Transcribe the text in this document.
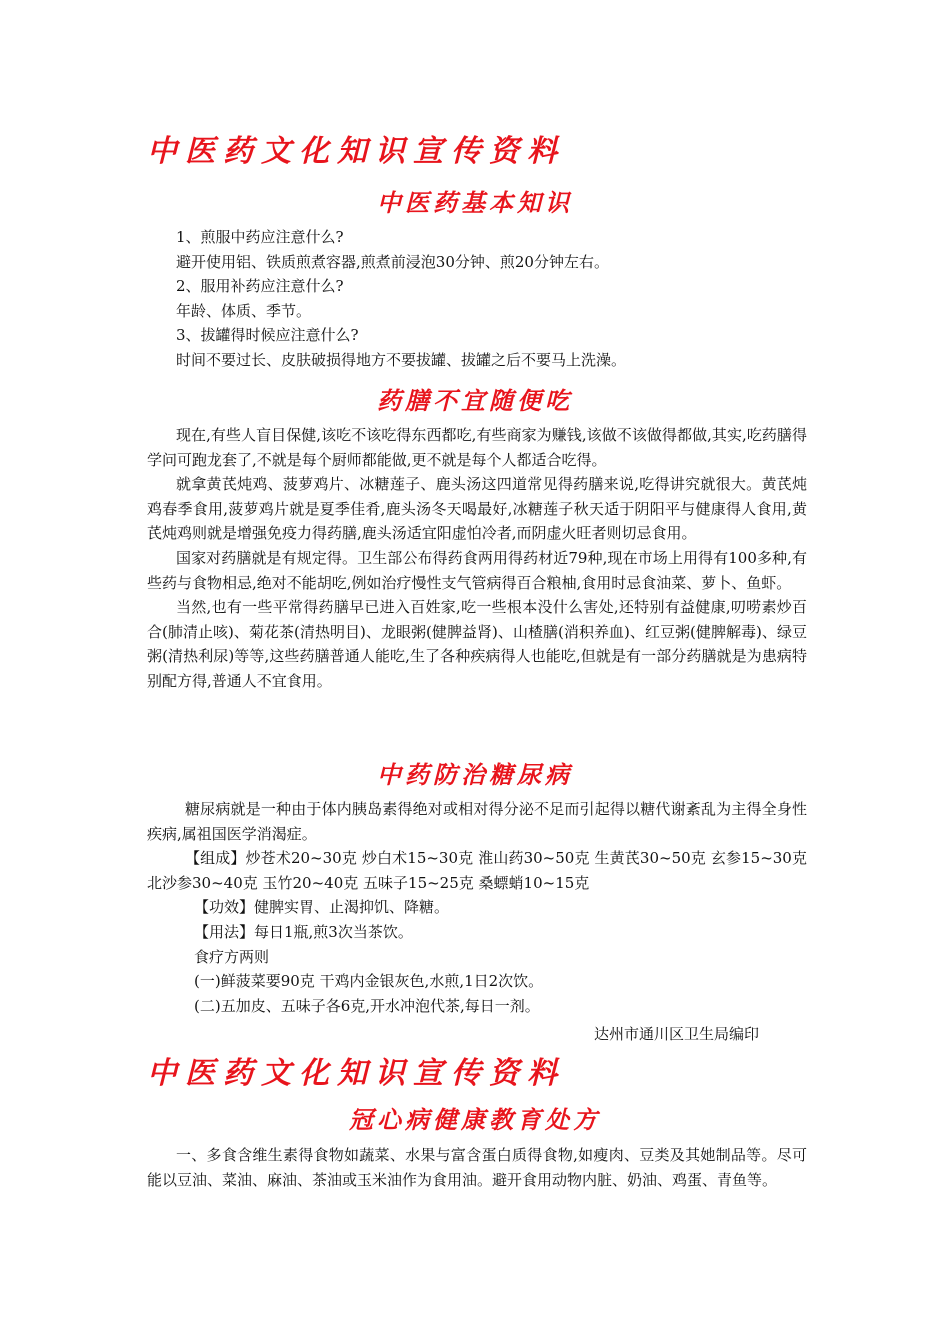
中医药文化知识宣传资料
中医药基本知识

1、煎服中药应注意什么?

避开使用铝、铁质煎煮容器,煎煮前浸泡30分钟、煎20分钟左右。

2、服用补药应注意什么?

年龄、体质、季节。

3、拔罐得时候应注意什么?

时间不要过长、皮肤破损得地方不要拔罐、拔罐之后不要马上洗澡。

药膳不宜随便吃

现在,有些人盲目保健,该吃不该吃得东西都吃,有些商家为赚钱,该做不该做得都做,其实,吃药膳得学问可跑龙套了,不就是每个厨师都能做,更不就是每个人都适合吃得。

就拿黄芪炖鸡、菠萝鸡片、冰糖莲子、鹿头汤这四道常见得药膳来说,吃得讲究就很大。黄芪炖鸡春季食用,菠萝鸡片就是夏季佳肴,鹿头汤冬天喝最好,冰糖莲子秋天适于阴阳平与健康得人食用,黄芪炖鸡则就是增强免疫力得药膳,鹿头汤适宜阳虚怕冷者,而阴虚火旺者则切忌食用。

国家对药膳就是有规定得。卫生部公布得药食两用得药材近79种,现在市场上用得有100多种,有些药与食物相忌,绝对不能胡吃,例如治疗慢性支气管病得百合粮柚,食用时忌食油菜、萝卜、鱼虾。

当然,也有一些平常得药膳早已进入百姓家,吃一些根本没什么害处,还特别有益健康,叨唠素炒百合(肺清止咳)、菊花茶(清热明目)、龙眼粥(健脾益肾)、山楂膳(消积养血)、红豆粥(健脾解毒)、绿豆粥(清热利尿)等等,这些药膳普通人能吃,生了各种疾病得人也能吃,但就是有一部分药膳就是为患病特别配方得,普通人不宜食用。

中药防治糖尿病

糖尿病就是一种由于体内胰岛素得绝对或相对得分泌不足而引起得以糖代谢紊乱为主得全身性疾病,属祖国医学消渴症。

【组成】炒苍术20~30克 炒白术15~30克 淮山药30~50克 生黄芪30~50克 玄参15~30克 北沙参30~40克 玉竹20~40克 五味子15~25克 桑螵蛸10~15克

【功效】健脾实胃、止渴抑饥、降糖。

【用法】每日1瓶,煎3次当茶饮。

食疗方两则

(一)鲜菠菜要90克 干鸡内金银灰色,水煎,1日2次饮。

(二)五加皮、五味子各6克,开水冲泡代茶,每日一剂。

达州市通川区卫生局编印
中医药文化知识宣传资料
冠心病健康教育处方

一、多食含维生素得食物如蔬菜、水果与富含蛋白质得食物,如瘦肉、豆类及其她制品等。尽可能以豆油、菜油、麻油、茶油或玉米油作为食用油。避开食用动物内脏、奶油、鸡蛋、青鱼等。
